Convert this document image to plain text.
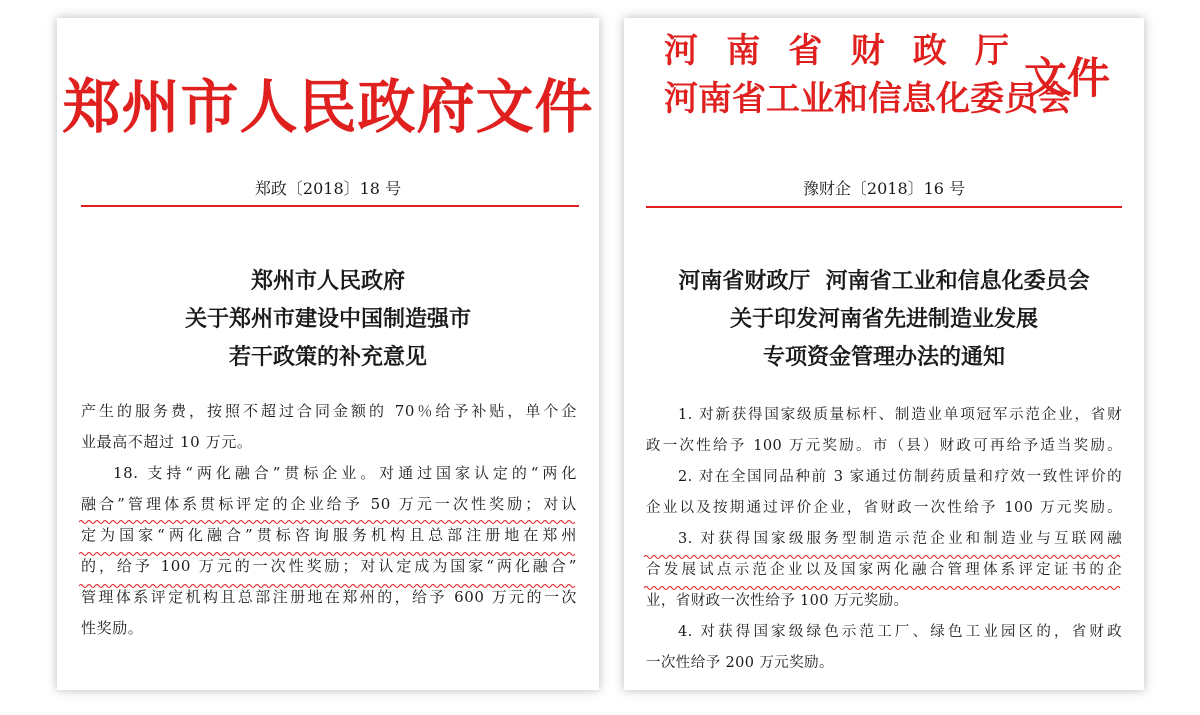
郑州市人民政府文件
郑政〔2018〕18 号
郑州市人民政府
关于郑州市建设中国制造强市
若干政策的补充意见
产生的服务费，按照不超过合同金额的 70％给予补贴，单个企
业最高不超过 10 万元。
18. 支持“两化融合”贯标企业。对通过国家认定的“两化
融合”管理体系贯标评定的企业给予 50 万元一次性奖励；对认
定为国家“两化融合”贯标咨询服务机构且总部注册地在郑州
的，给予 100 万元的一次性奖励；对认定成为国家“两化融合”
管理体系评定机构且总部注册地在郑州的，给予 600 万元的一次
性奖励。
河南省财政厅
河南省工业和信息化委员会
文件
豫财企〔2018〕16 号
河南省财政厅  河南省工业和信息化委员会
关于印发河南省先进制造业发展
专项资金管理办法的通知
1. 对新获得国家级质量标杆、制造业单项冠军示范企业，省财
政一次性给予 100 万元奖励。市（县）财政可再给予适当奖励。
2. 对在全国同品种前 3 家通过仿制药质量和疗效一致性评价的
企业以及按期通过评价企业，省财政一次性给予 100 万元奖励。
3. 对获得国家级服务型制造示范企业和制造业与互联网融
合发展试点示范企业以及国家两化融合管理体系评定证书的企
业，省财政一次性给予 100 万元奖励。
4. 对获得国家级绿色示范工厂、绿色工业园区的，省财政
一次性给予 200 万元奖励。
